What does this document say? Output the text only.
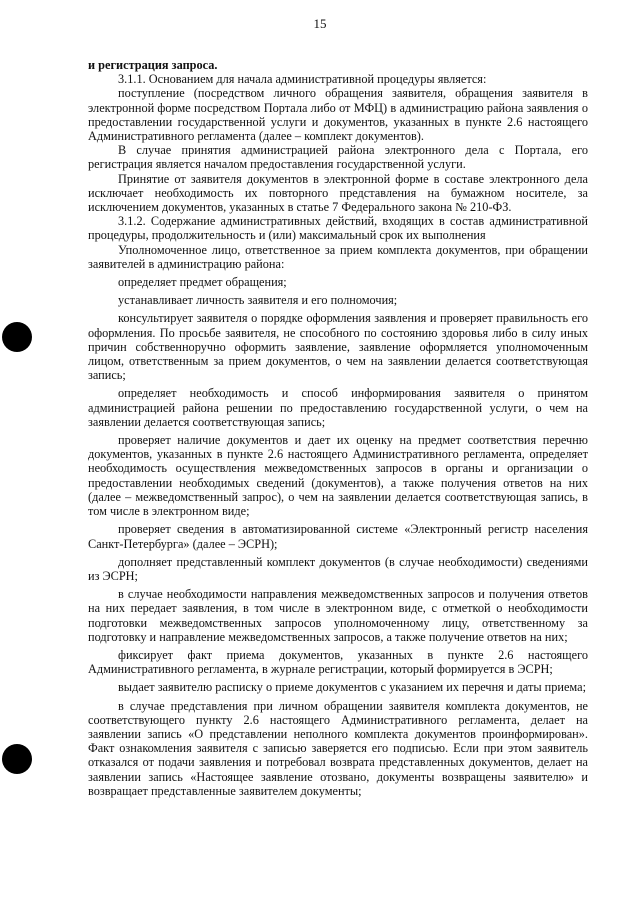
15

и регистрация запроса.

3.1.1. Основанием для начала административной процедуры является:

поступление (посредством личного обращения заявителя, обращения заявителя в электронной форме посредством Портала либо от МФЦ) в администрацию района заявления о предоставлении государственной услуги и документов, указанных в пункте 2.6 настоящего Административного регламента (далее – комплект документов).

В случае принятия администрацией района электронного дела с Портала, его регистрация является началом предоставления государственной услуги.

Принятие от заявителя документов в электронной форме в составе электронного дела исключает необходимость их повторного представления на бумажном носителе, за исключением документов, указанных в статье 7 Федерального закона № 210-ФЗ.

3.1.2. Содержание административных действий, входящих в состав административной процедуры, продолжительность и (или) максимальный срок их выполнения

Уполномоченное лицо, ответственное за прием комплекта документов, при обращении заявителей в администрацию района:

определяет предмет обращения;

устанавливает личность заявителя и его полномочия;

консультирует заявителя о порядке оформления заявления и проверяет правильность его оформления. По просьбе заявителя, не способного по состоянию здоровья либо в силу иных причин собственноручно оформить заявление, заявление оформляется уполномоченным лицом, ответственным за прием документов, о чем на заявлении делается соответствующая запись;

определяет необходимость и способ информирования заявителя о принятом администрацией района решении по предоставлению государственной услуги, о чем на заявлении делается соответствующая запись;

проверяет наличие документов и дает их оценку на предмет соответствия перечню документов, указанных в пункте 2.6 настоящего Административного регламента, определяет необходимость осуществления межведомственных запросов в органы и организации о предоставлении необходимых сведений (документов), а также получения ответов на них (далее – межведомственный запрос), о чем на заявлении делается соответствующая запись, в том числе в электронном виде;

проверяет сведения в автоматизированной системе «Электронный регистр населения Санкт-Петербурга» (далее – ЭСРН);

дополняет представленный комплект документов (в случае необходимости) сведениями из ЭСРН;

в случае необходимости направления межведомственных запросов и получения ответов на них передает заявления, в том числе в электронном виде, с отметкой о необходимости подготовки межведомственных запросов уполномоченному лицу, ответственному за подготовку и направление межведомственных запросов, а также получение ответов на них;

фиксирует факт приема документов, указанных в пункте 2.6 настоящего Административного регламента, в журнале регистрации, который формируется в ЭСРН;

выдает заявителю расписку о приеме документов с указанием их перечня и даты приема;

в случае представления при личном обращении заявителя комплекта документов, не соответствующего пункту 2.6 настоящего Административного регламента, делает на заявлении запись «О представлении неполного комплекта документов проинформирован». Факт ознакомления заявителя с записью заверяется его подписью. Если при этом заявитель отказался от подачи заявления и потребовал возврата представленных документов, делает на заявлении запись «Настоящее заявление отозвано, документы возвращены заявителю» и возвращает представленные заявителем документы;
